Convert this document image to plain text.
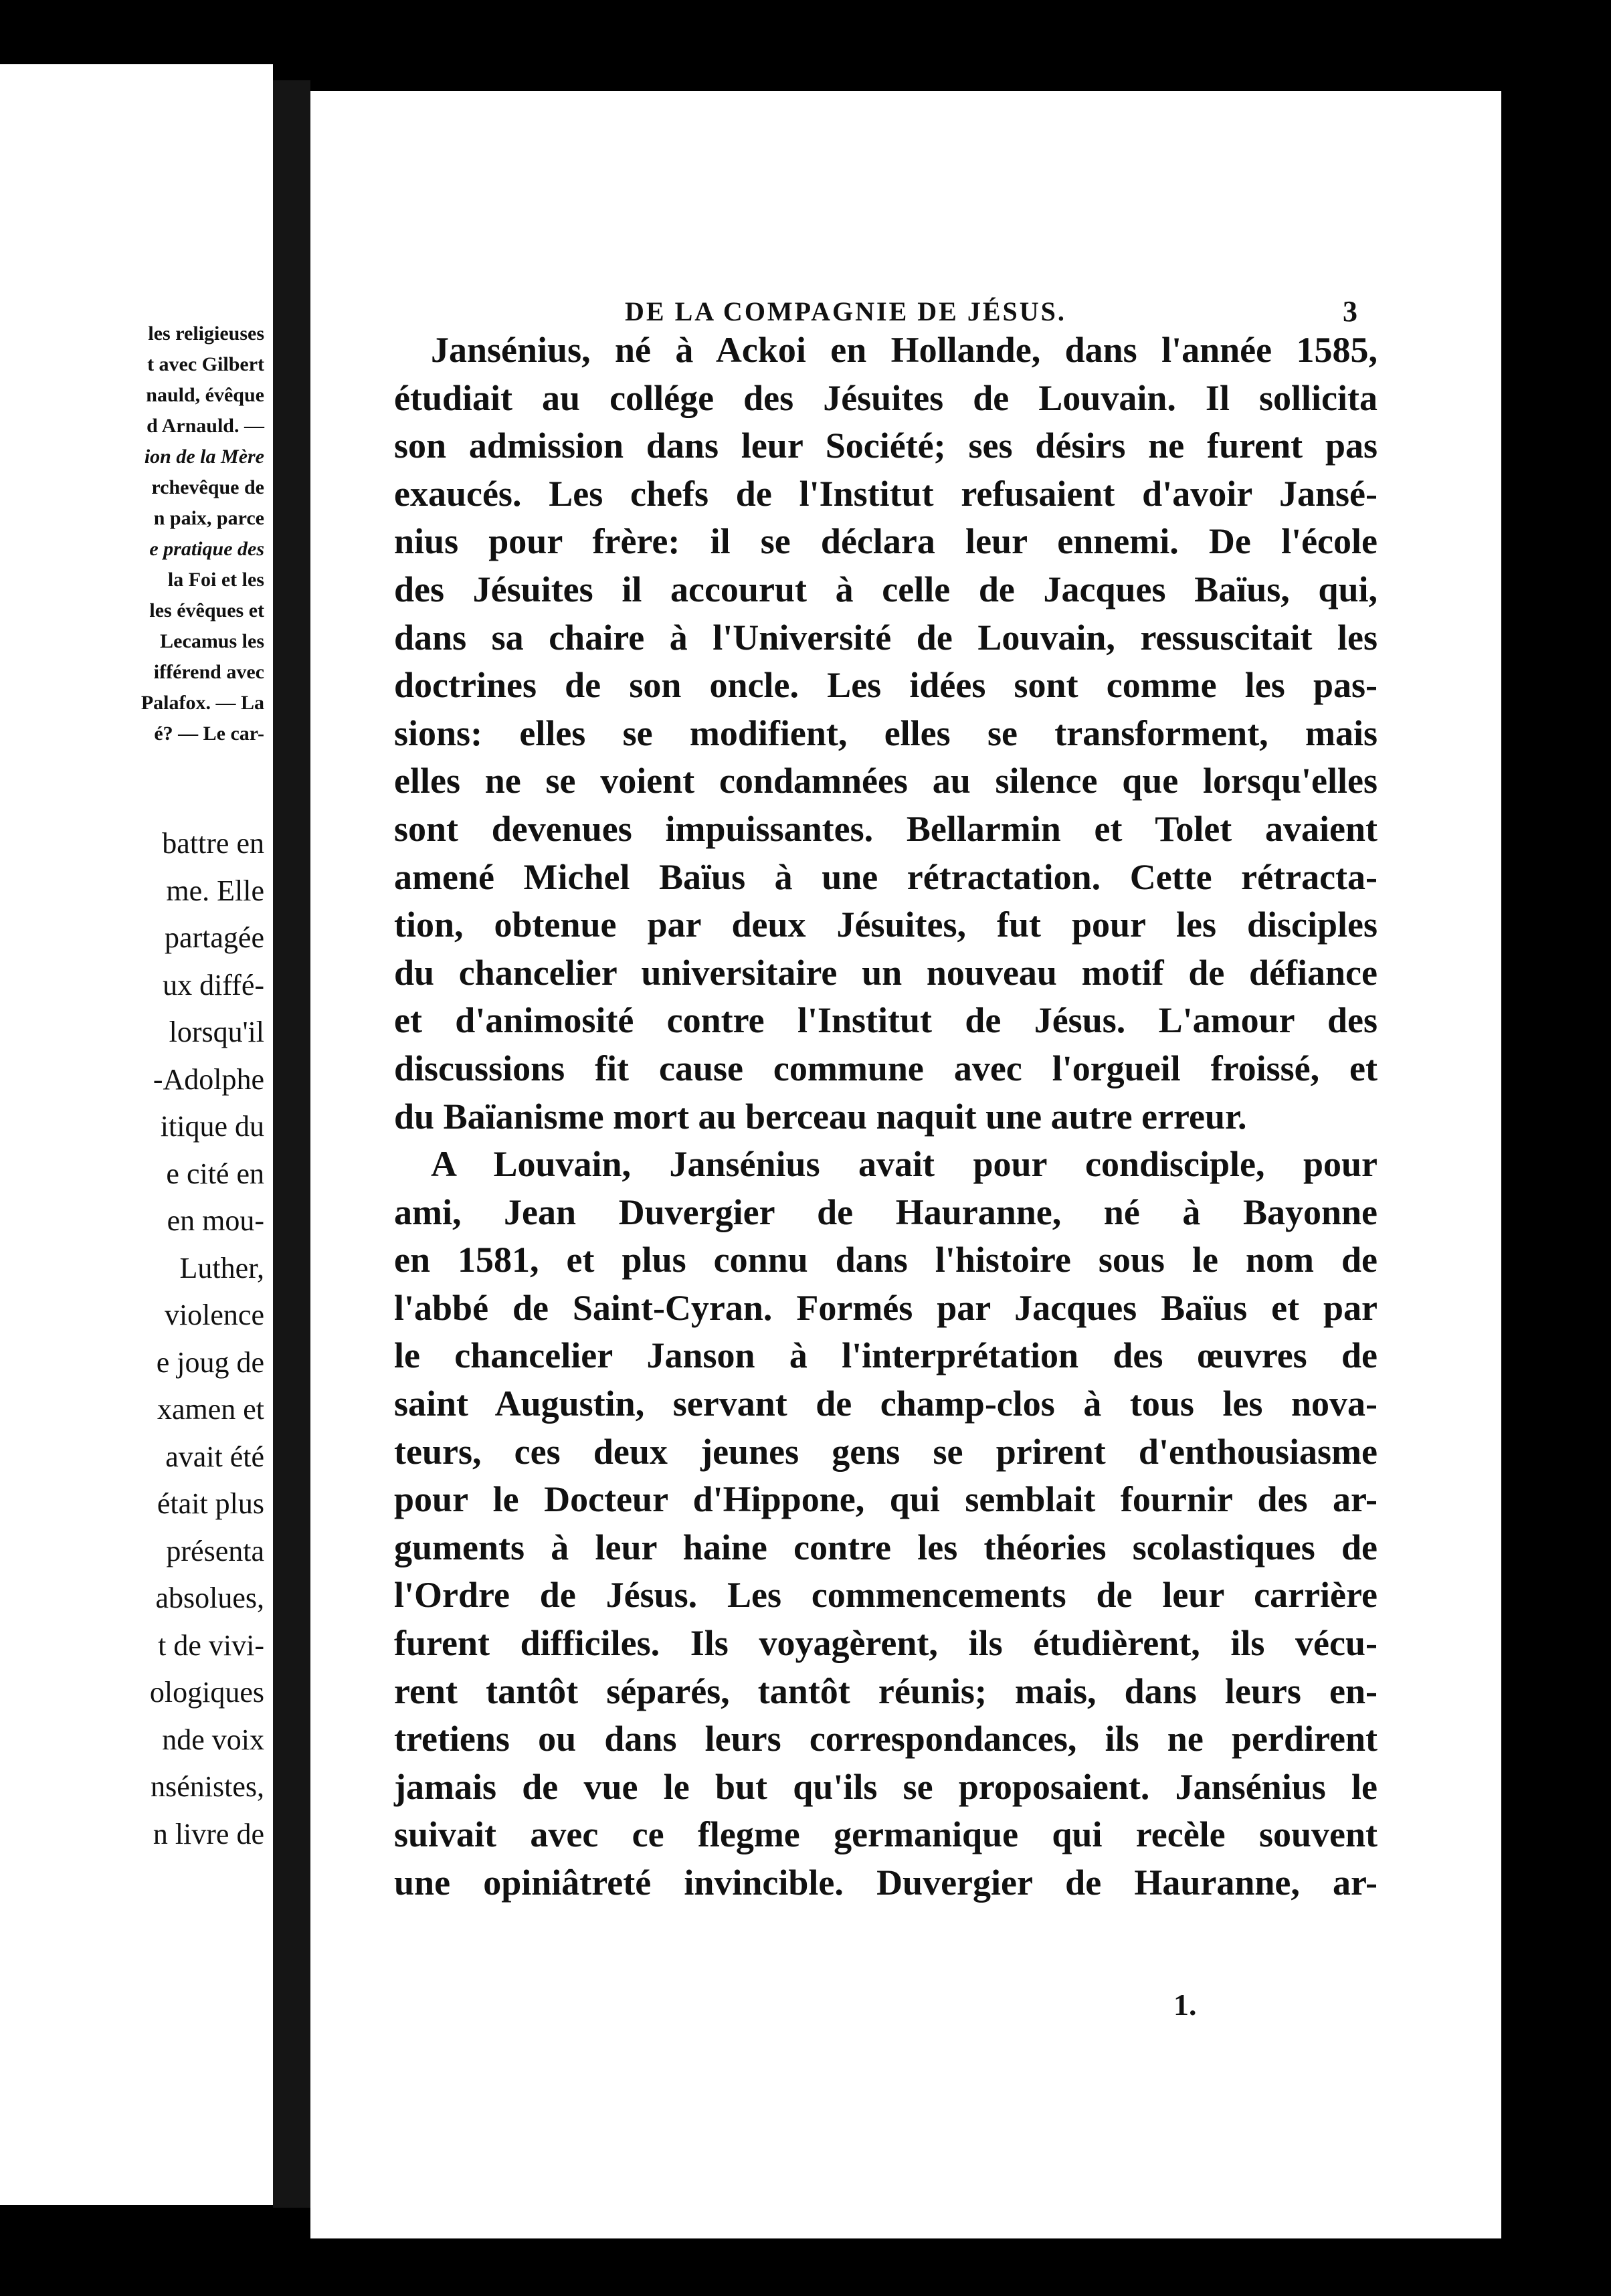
les religieuses
t avec Gilbert
nauld, évêque
d Arnauld. —
ion de la Mère
rchevêque de
n paix, parce
e pratique des
la Foi et les
les évêques et
Lecamus les
ifférend avec
Palafox. — La
é? — Le car-
battre en
me. Elle
partagée
ux diffé-
lorsqu'il
-Adolphe
itique du
e cité en
en mou-
Luther,
violence
e joug de
xamen et
avait été
était plus
présenta
absolues,
t de vivi-
ologiques
nde voix
nsénistes,
n livre de
DE LA COMPAGNIE DE JÉSUS.	3
Jansénius, né à Ackoi en Hollande, dans l'année 1585,
étudiait au collége des Jésuites de Louvain. Il sollicita
son admission dans leur Société; ses désirs ne furent pas
exaucés. Les chefs de l'Institut refusaient d'avoir Jansé-
nius pour frère: il se déclara leur ennemi. De l'école
des Jésuites il accourut à celle de Jacques Baïus, qui,
dans sa chaire à l'Université de Louvain, ressuscitait les
doctrines de son oncle. Les idées sont comme les pas-
sions: elles se modifient, elles se transforment, mais
elles ne se voient condamnées au silence que lorsqu'elles
sont devenues impuissantes. Bellarmin et Tolet avaient
amené Michel Baïus à une rétractation. Cette rétracta-
tion, obtenue par deux Jésuites, fut pour les disciples
du chancelier universitaire un nouveau motif de défiance
et d'animosité contre l'Institut de Jésus. L'amour des
discussions fit cause commune avec l'orgueil froissé, et
du Baïanisme mort au berceau naquit une autre erreur.
A Louvain, Jansénius avait pour condisciple, pour
ami, Jean Duvergier de Hauranne, né à Bayonne
en 1581, et plus connu dans l'histoire sous le nom de
l'abbé de Saint-Cyran. Formés par Jacques Baïus et par
le chancelier Janson à l'interprétation des œuvres de
saint Augustin, servant de champ-clos à tous les nova-
teurs, ces deux jeunes gens se prirent d'enthousiasme
pour le Docteur d'Hippone, qui semblait fournir des ar-
guments à leur haine contre les théories scolastiques de
l'Ordre de Jésus. Les commencements de leur carrière
furent difficiles. Ils voyagèrent, ils étudièrent, ils vécu-
rent tantôt séparés, tantôt réunis; mais, dans leurs en-
tretiens ou dans leurs correspondances, ils ne perdirent
jamais de vue le but qu'ils se proposaient. Jansénius le
suivait avec ce flegme germanique qui recèle souvent
une opiniâtreté invincible. Duvergier de Hauranne, ar-
1.
